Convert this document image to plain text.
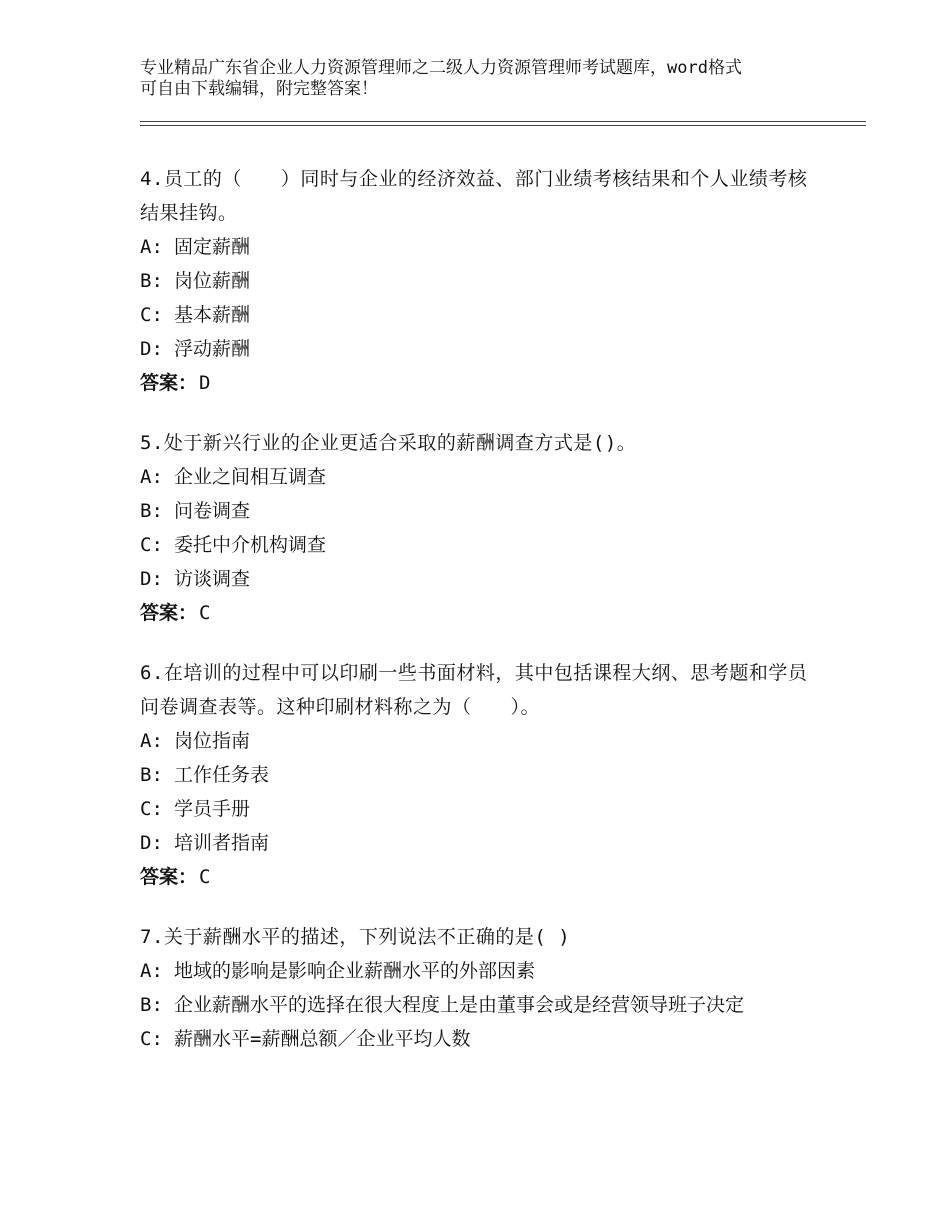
专业精品广东省企业人力资源管理师之二级人力资源管理师考试题库，word格式
可自由下载编辑，附完整答案！
4.员工的（　　）同时与企业的经济效益、部门业绩考核结果和个人业绩考核结果挂钩。
A: 固定薪酬
B: 岗位薪酬
C: 基本薪酬
D: 浮动薪酬
答案： D
5.处于新兴行业的企业更适合采取的薪酬调查方式是()。
A: 企业之间相互调查
B: 问卷调查
C: 委托中介机构调查
D: 访谈调查
答案： C
6.在培训的过程中可以印刷一些书面材料，其中包括课程大纲、思考题和学员问卷调查表等。这种印刷材料称之为（　　）。
A: 岗位指南
B: 工作任务表
C: 学员手册
D: 培训者指南
答案： C
7.关于薪酬水平的描述，下列说法不正确的是( )
A: 地域的影响是影响企业薪酬水平的外部因素
B: 企业薪酬水平的选择在很大程度上是由董事会或是经营领导班子决定
C: 薪酬水平=薪酬总额／企业平均人数
